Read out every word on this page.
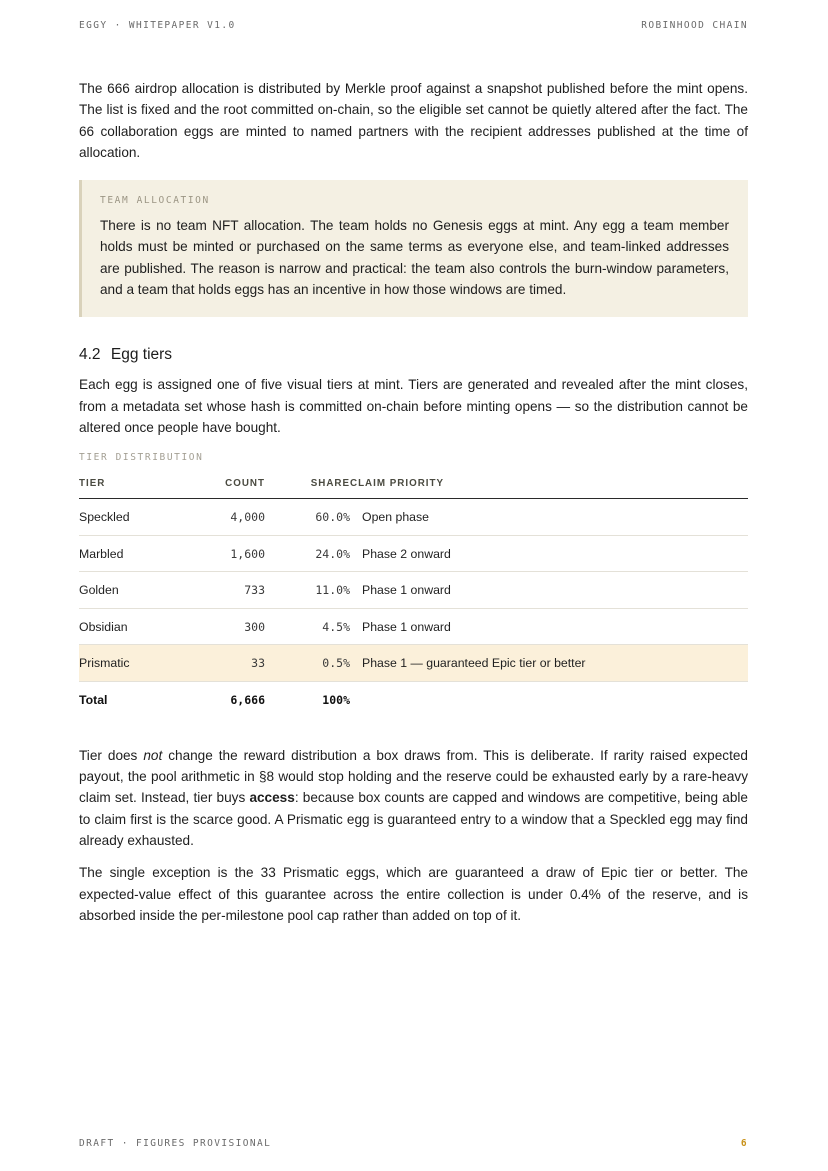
EGGY · WHITEPAPER V1.0	ROBINHOOD CHAIN

The 666 airdrop allocation is distributed by Merkle proof against a snapshot published before the mint opens. The list is fixed and the root committed on-chain, so the eligible set cannot be quietly altered after the fact. The 66 collaboration eggs are minted to named partners with the recipient addresses published at the time of allocation.

TEAM ALLOCATION

There is no team NFT allocation. The team holds no Genesis eggs at mint. Any egg a team member holds must be minted or purchased on the same terms as everyone else, and team-linked addresses are published. The reason is narrow and practical: the team also controls the burn-window parameters, and a team that holds eggs has an incentive in how those windows are timed.

4.2 Egg tiers

Each egg is assigned one of five visual tiers at mint. Tiers are generated and revealed after the mint closes, from a metadata set whose hash is committed on-chain before minting opens — so the distribution cannot be altered once people have bought.

TIER DISTRIBUTION
TIER	COUNT	SHARE	CLAIM PRIORITY
Speckled	4,000	60.0%	Open phase
Marbled	1,600	24.0%	Phase 2 onward
Golden	733	11.0%	Phase 1 onward
Obsidian	300	4.5%	Phase 1 onward
Prismatic	33	0.5%	Phase 1 — guaranteed Epic tier or better
Total	6,666	100%	

Tier does not change the reward distribution a box draws from. This is deliberate. If rarity raised expected payout, the pool arithmetic in §8 would stop holding and the reserve could be exhausted early by a rare-heavy claim set. Instead, tier buys access: because box counts are capped and windows are competitive, being able to claim first is the scarce good. A Prismatic egg is guaranteed entry to a window that a Speckled egg may find already exhausted.

The single exception is the 33 Prismatic eggs, which are guaranteed a draw of Epic tier or better. The expected-value effect of this guarantee across the entire collection is under 0.4% of the reserve, and is absorbed inside the per-milestone pool cap rather than added on top of it.

DRAFT · FIGURES PROVISIONAL	6
